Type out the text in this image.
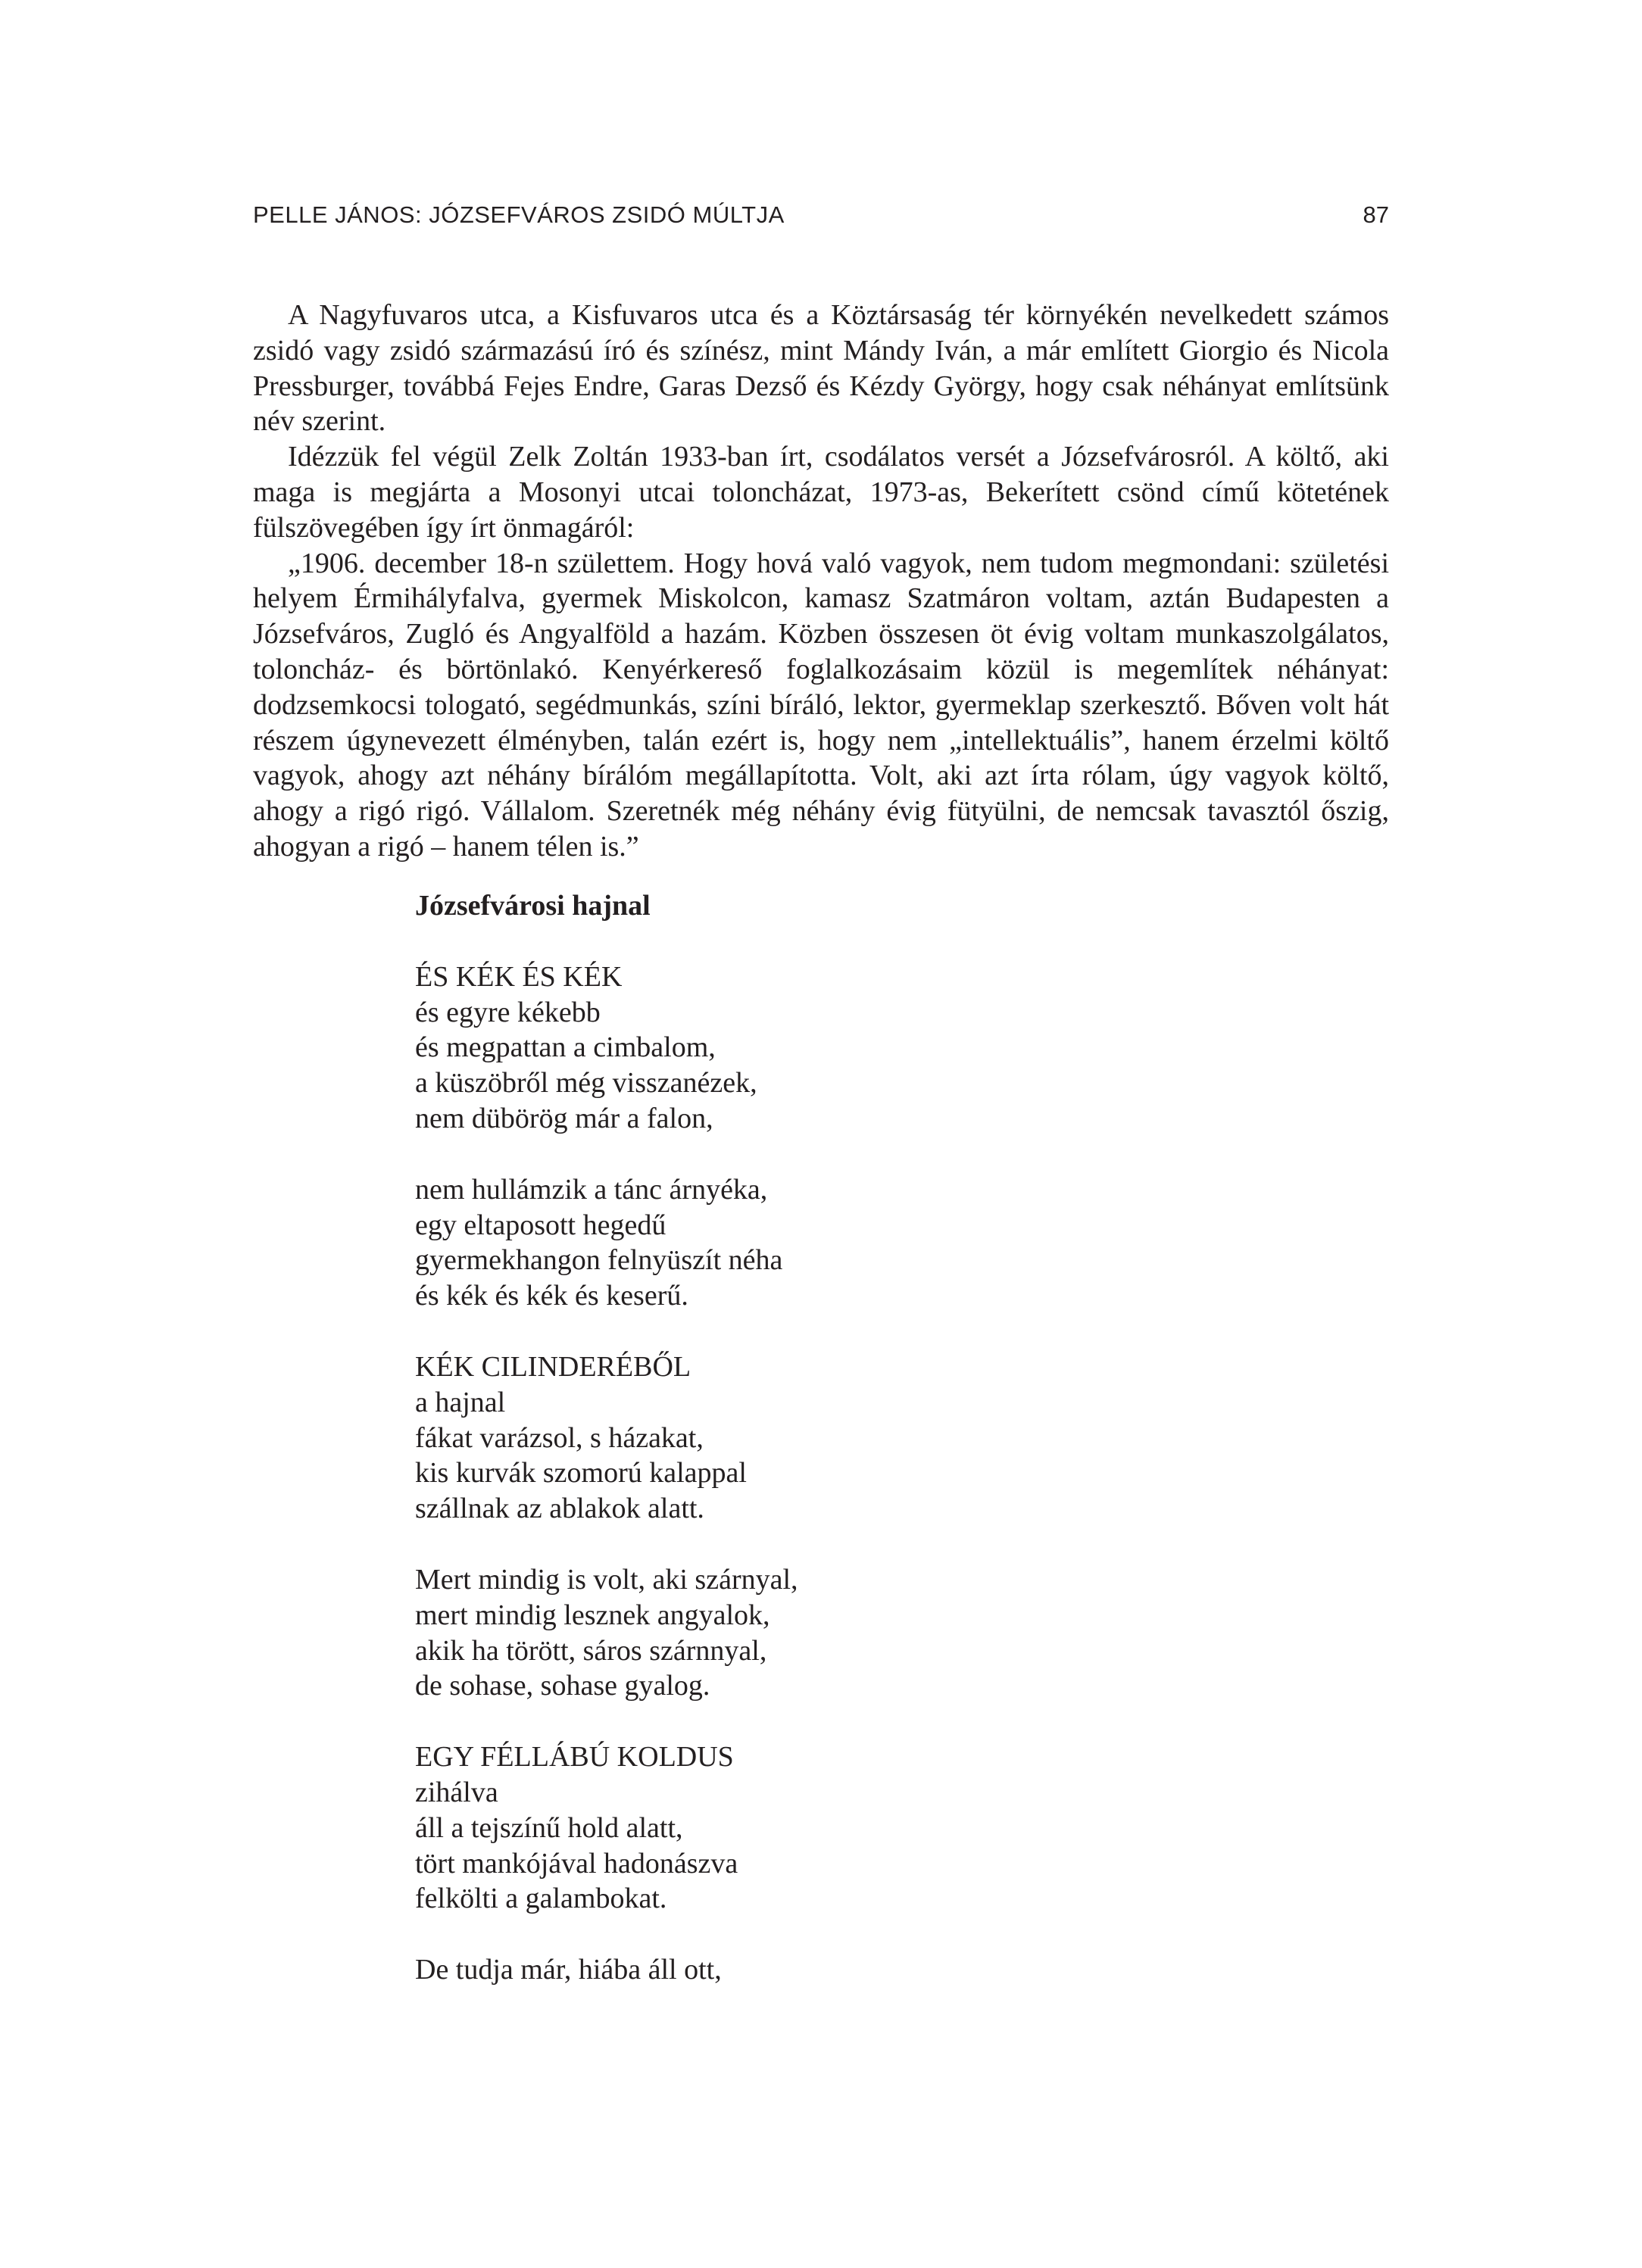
PELLE JÁNOS: JÓZSEFVÁROS ZSIDÓ MÚLTJA	87

A Nagyfuvaros utca, a Kisfuvaros utca és a Köztársaság tér környékén nevelkedett számos zsidó vagy zsidó származású író és színész, mint Mándy Iván, a már említett Giorgio és Nicola Pressburger, továbbá Fejes Endre, Garas Dezső és Kézdy György, hogy csak néhányat említsünk név szerint.

Idézzük fel végül Zelk Zoltán 1933-ban írt, csodálatos versét a Józsefvárosról. A költő, aki maga is megjárta a Mosonyi utcai toloncházat, 1973-as, Bekerített csönd című kötetének fülszövegében így írt önmagáról:

„1906. december 18-n születtem. Hogy hová való vagyok, nem tudom megmondani: születési helyem Érmihályfalva, gyermek Miskolcon, kamasz Szatmáron voltam, aztán Budapesten a Józsefváros, Zugló és Angyalföld a hazám. Közben összesen öt évig voltam munkaszolgálatos, toloncház- és börtönlakó. Kenyérkereső foglalkozásaim közül is megemlítek néhányat: dodzsemkocsi tologató, segédmunkás, színi bíráló, lektor, gyermeklap szerkesztő. Bőven volt hát részem úgynevezett élményben, talán ezért is, hogy nem „intellektuális”, hanem érzelmi költő vagyok, ahogy azt néhány bírálóm megállapította. Volt, aki azt írta rólam, úgy vagyok költő, ahogy a rigó rigó. Vállalom. Szeretnék még néhány évig fütyülni, de nemcsak tavasztól őszig, ahogyan a rigó – hanem télen is.”

Józsefvárosi hajnal
ÉS KÉK ÉS KÉK
és egyre kékebb
és megpattan a cimbalom,
a küszöbről még visszanézek,
nem dübörög már a falon,
nem hullámzik a tánc árnyéka,
egy eltaposott hegedű
gyermekhangon felnyüszít néha
és kék és kék és keserű.
KÉK CILINDERÉBŐL
a hajnal
fákat varázsol, s házakat,
kis kurvák szomorú kalappal
szállnak az ablakok alatt.
Mert mindig is volt, aki szárnyal,
mert mindig lesznek angyalok,
akik ha törött, sáros szárnnyal,
de sohase, sohase gyalog.
EGY FÉLLÁBÚ KOLDUS
zihálva
áll a tejszínű hold alatt,
tört mankójával hadonászva
felkölti a galambokat.
De tudja már, hiába áll ott,
